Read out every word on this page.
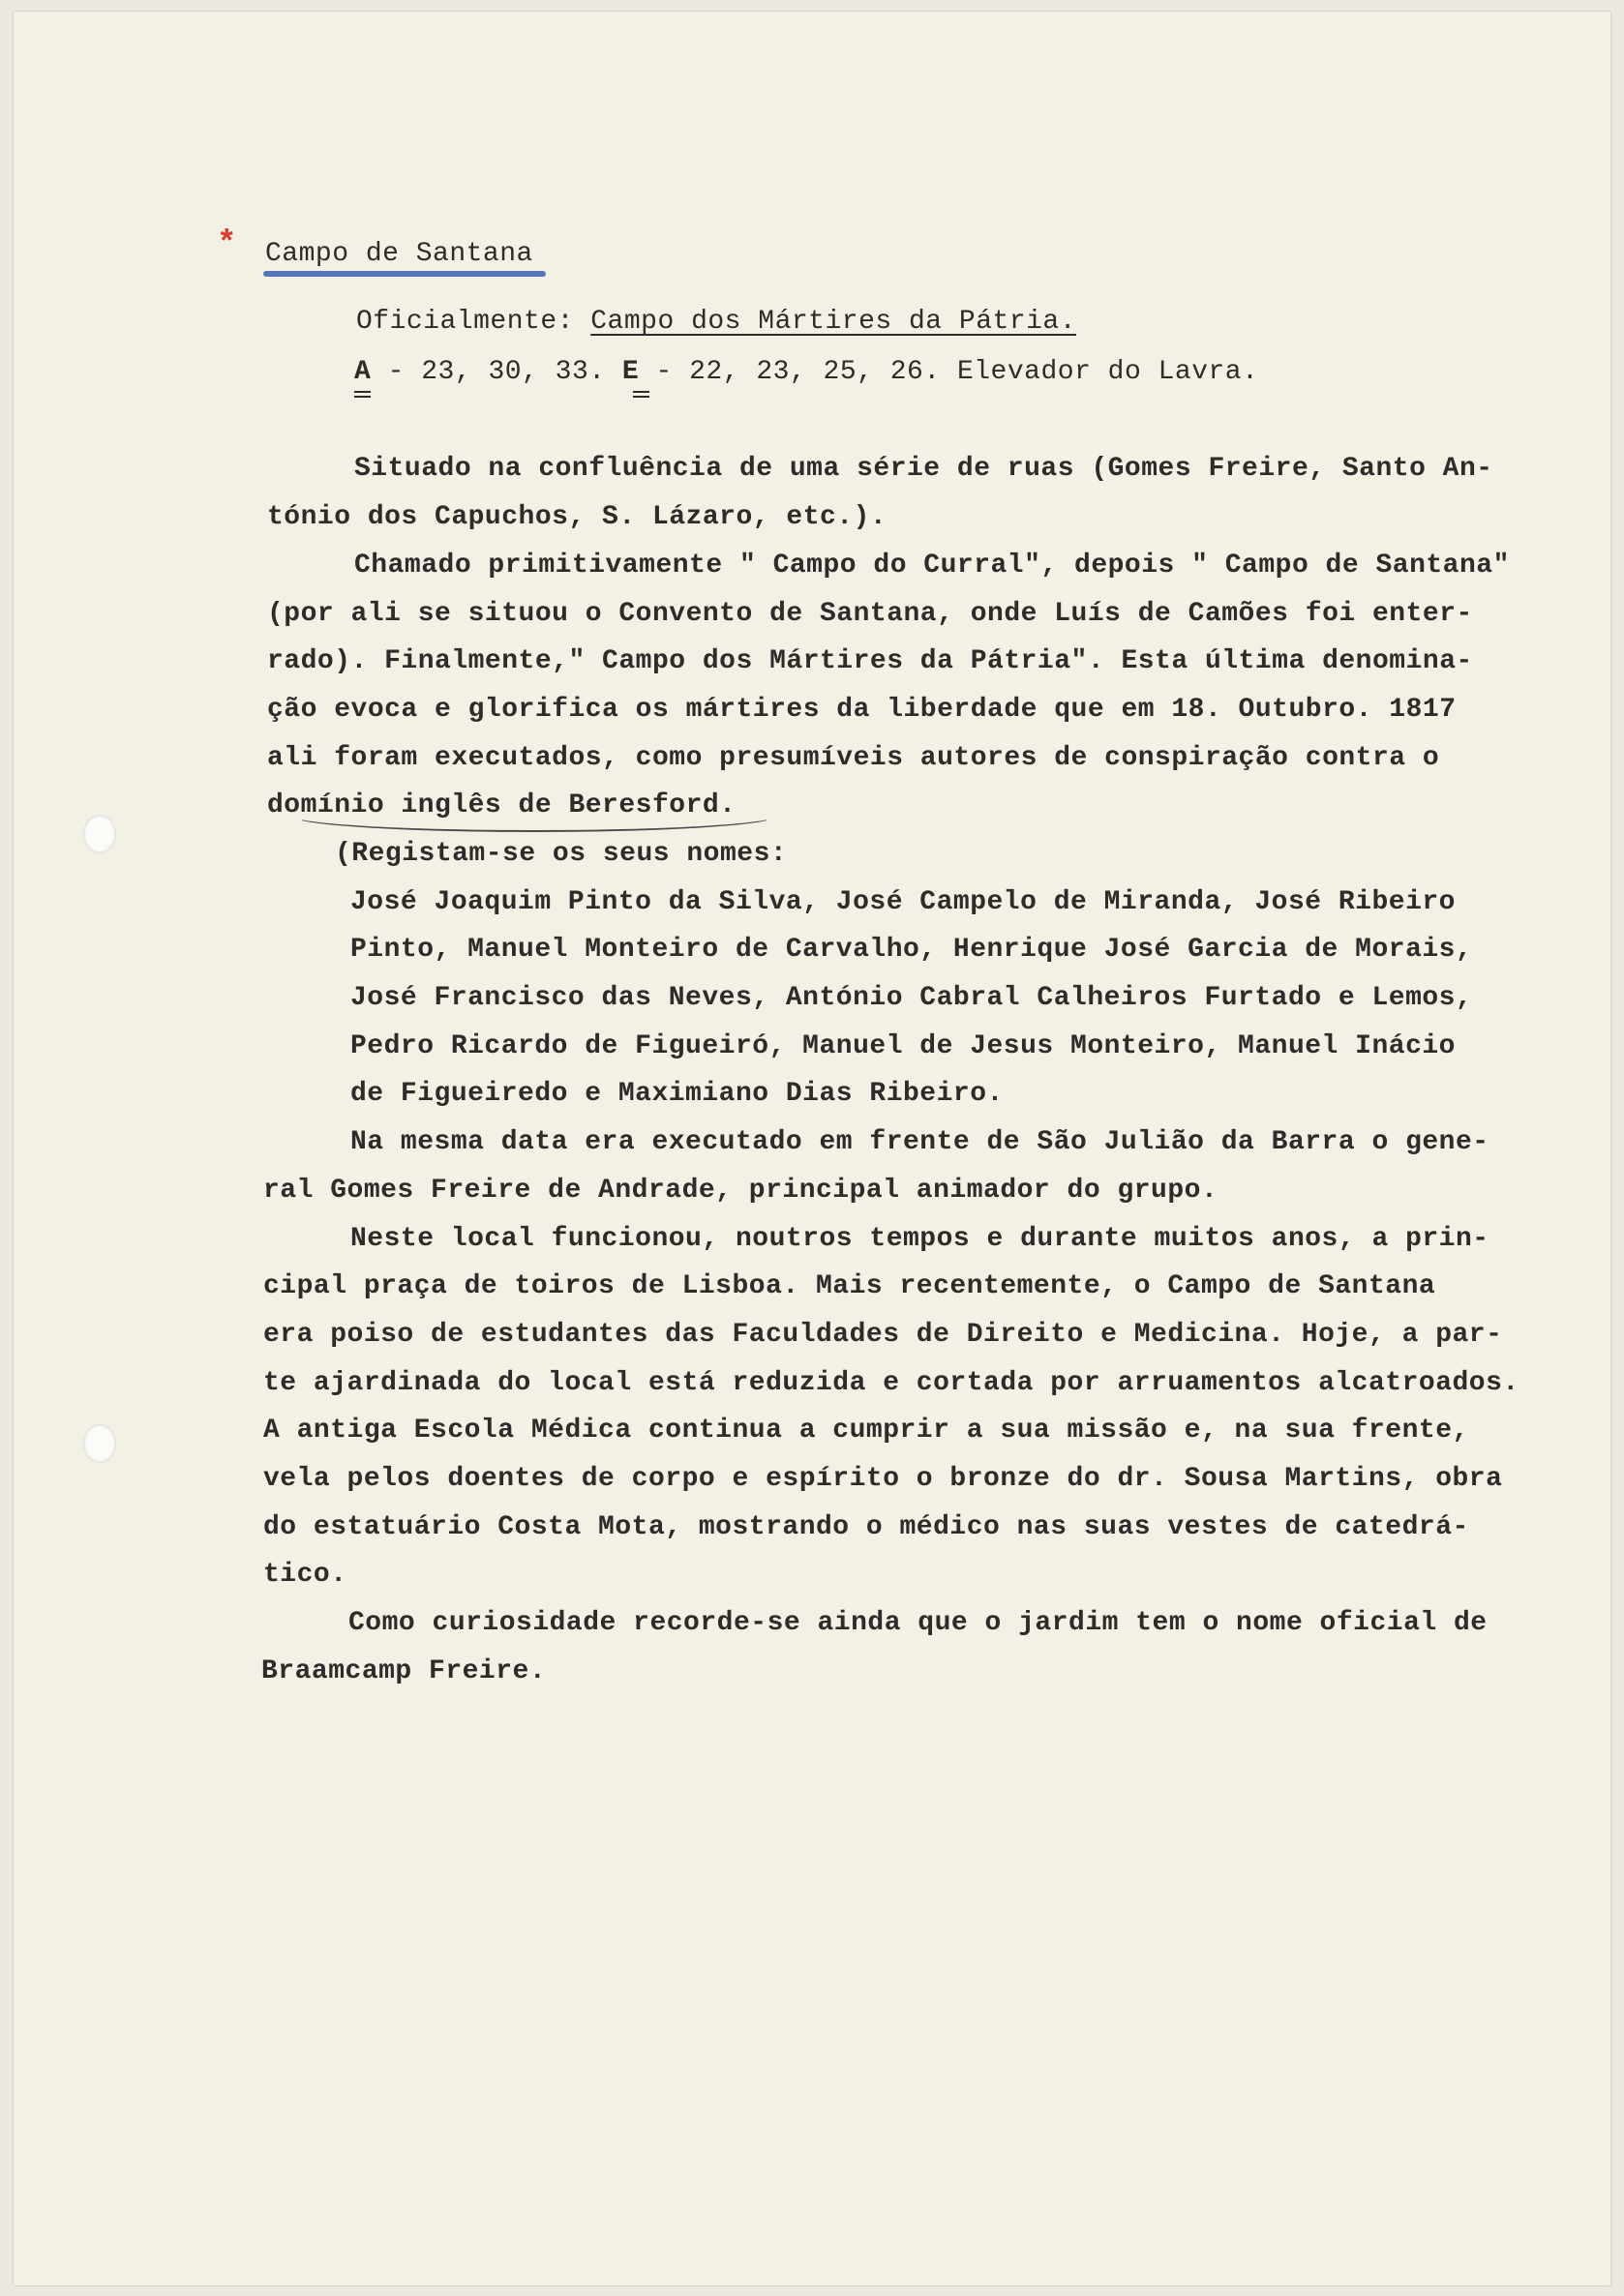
* Campo de Santana
Oficialmente: Campo dos Mártires da Pátria.
A - 23, 30, 33. E - 22, 23, 25, 26. Elevador do Lavra.
Situado na confluência de uma série de ruas (Gomes Freire, Santo An-
tónio dos Capuchos, S. Lázaro, etc.).
Chamado primitivamente " Campo do Curral", depois " Campo de Santana"
(por ali se situou o Convento de Santana, onde Luís de Camões foi enter-
rado). Finalmente," Campo dos Mártires da Pátria". Esta última denomina-
ção evoca e glorifica os mártires da liberdade que em 18. Outubro. 1817
ali foram executados, como presumíveis autores de conspiração contra o
domínio inglês de Beresford.
(Registam-se os seus nomes:
José Joaquim Pinto da Silva, José Campelo de Miranda, José Ribeiro
Pinto, Manuel Monteiro de Carvalho, Henrique José Garcia de Morais,
José Francisco das Neves, António Cabral Calheiros Furtado e Lemos,
Pedro Ricardo de Figueiró, Manuel de Jesus Monteiro, Manuel Inácio
de Figueiredo e Maximiano Dias Ribeiro.
Na mesma data era executado em frente de São Julião da Barra o gene-
ral Gomes Freire de Andrade, principal animador do grupo.
Neste local funcionou, noutros tempos e durante muitos anos, a prin-
cipal praça de toiros de Lisboa. Mais recentemente, o Campo de Santana
era poiso de estudantes das Faculdades de Direito e Medicina. Hoje, a par-
te ajardinada do local está reduzida e cortada por arruamentos alcatroados.
A antiga Escola Médica continua a cumprir a sua missão e, na sua frente,
vela pelos doentes de corpo e espírito o bronze do dr. Sousa Martins, obra
do estatuário Costa Mota, mostrando o médico nas suas vestes de catedrá-
tico.
Como curiosidade recorde-se ainda que o jardim tem o nome oficial de
Braamcamp Freire.
